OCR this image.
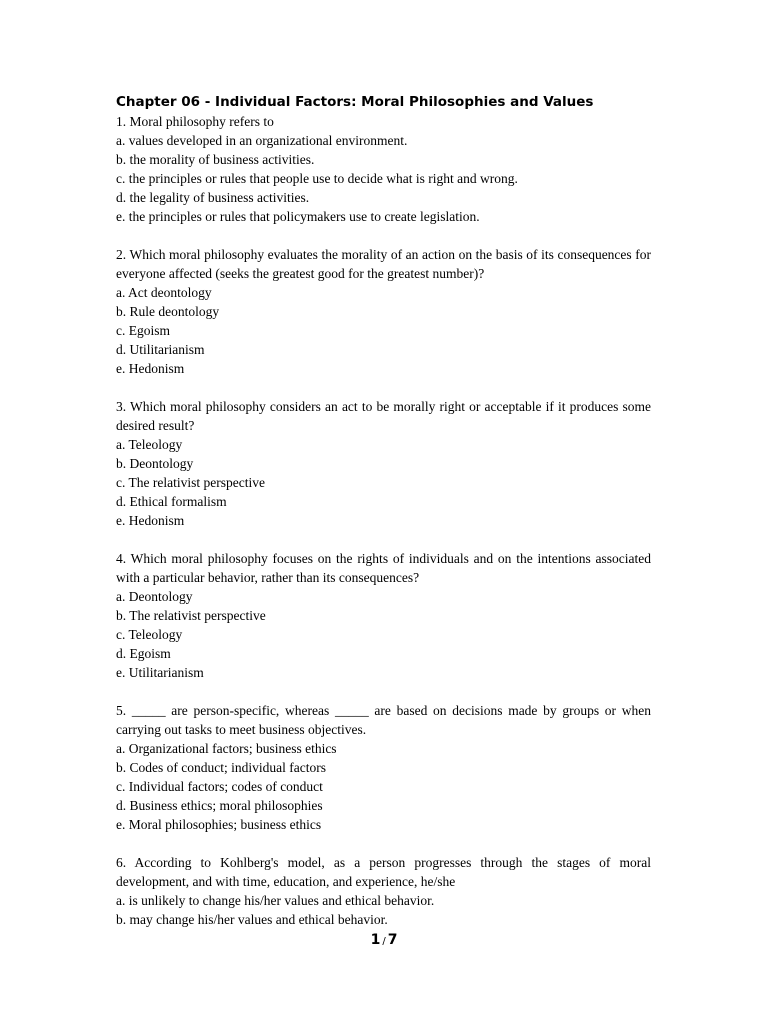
Chapter 06 - Individual Factors: Moral Philosophies and Values

1. Moral philosophy refers to

a. values developed in an organizational environment.

b. the morality of business activities.

c. the principles or rules that people use to decide what is right and wrong.

d. the legality of business activities.

e. the principles or rules that policymakers use to create legislation.

2. Which moral philosophy evaluates the morality of an action on the basis of its consequences for everyone affected (seeks the greatest good for the greatest number)?

a. Act deontology

b. Rule deontology

c. Egoism

d. Utilitarianism

e. Hedonism

3. Which moral philosophy considers an act to be morally right or acceptable if it produces some desired result?

a. Teleology

b. Deontology

c. The relativist perspective

d. Ethical formalism

e. Hedonism

4. Which moral philosophy focuses on the rights of individuals and on the intentions associated with a particular behavior, rather than its consequences?

a. Deontology

b. The relativist perspective

c. Teleology

d. Egoism

e. Utilitarianism

5. _____ are person-specific, whereas _____ are based on decisions made by groups or when carrying out tasks to meet business objectives.

a. Organizational factors; business ethics

b. Codes of conduct; individual factors

c. Individual factors; codes of conduct

d. Business ethics; moral philosophies

e. Moral philosophies; business ethics

6. According to Kohlberg's model, as a person progresses through the stages of moral development, and with time, education, and experience, he/she

a. is unlikely to change his/her values and ethical behavior.

b. may change his/her values and ethical behavior.

1 / 7
